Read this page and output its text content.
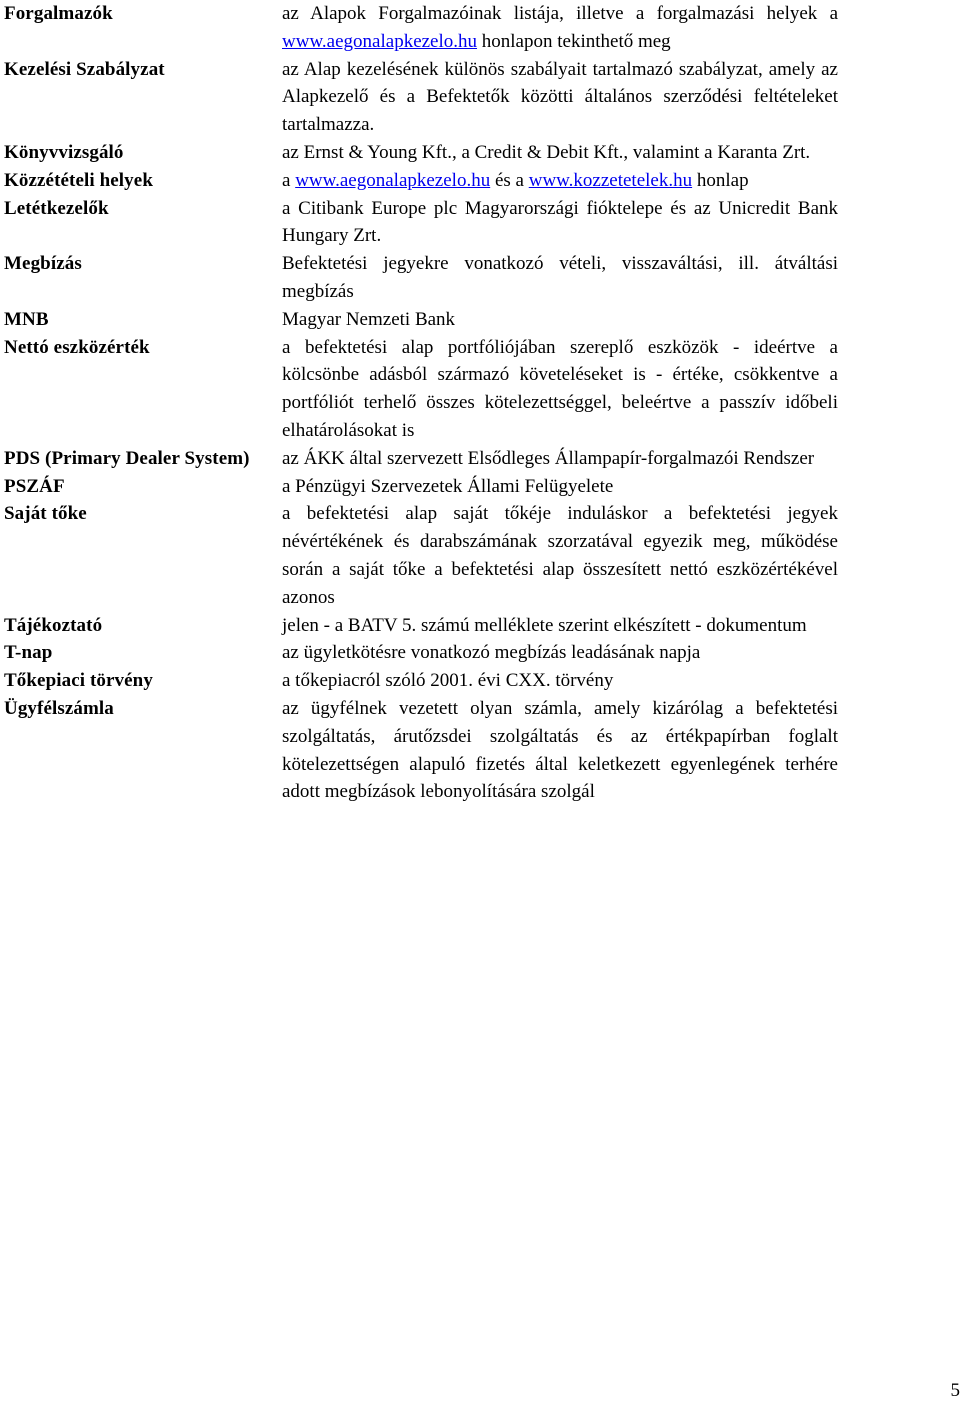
Forgalmazók	az Alapok Forgalmazóinak listája, illetve a forgalmazási helyek a www.aegonalapkezelo.hu honlapon tekinthető meg
Kezelési Szabályzat	az Alap kezelésének különös szabályait tartalmazó szabályzat, amely az Alapkezelő és a Befektetők közötti általános szerződési feltételeket tartalmazza.
Könyvvizsgáló	az Ernst & Young Kft., a Credit & Debit Kft., valamint a Karanta Zrt.
Közzétételi helyek	a www.aegonalapkezelo.hu és a www.kozzetetelek.hu honlap
Letétkezelők	a Citibank Europe plc Magyarországi fióktelepe és az Unicredit Bank Hungary Zrt.
Megbízás	Befektetési jegyekre vonatkozó vételi, visszaváltási, ill. átváltási megbízás
MNB	Magyar Nemzeti Bank
Nettó eszközérték	a befektetési alap portfóliójában szereplő eszközök - ideértve a kölcsönbe adásból származó követeléseket is - értéke, csökkentve a portfóliót terhelő összes kötelezettséggel, beleértve a passzív időbeli elhatárolásokat is
PDS (Primary Dealer System)	az ÁKK által szervezett Elsődleges Állampapír-forgalmazói Rendszer
PSZÁF	a Pénzügyi Szervezetek Állami Felügyelete
Saját tőke	a befektetési alap saját tőkéje induláskor a befektetési jegyek névértékének és darabszámának szorzatával egyezik meg, működése során a saját tőke a befektetési alap összesített nettó eszközértékével azonos
Tájékoztató	jelen - a BATV 5. számú melléklete szerint elkészített - dokumentum
T-nap	az ügyletkötésre vonatkozó megbízás leadásának napja
Tőkepiaci törvény	a tőkepiacról szóló 2001. évi CXX. törvény
Ügyfélszámla	az ügyfélnek vezetett olyan számla, amely kizárólag a befektetési szolgáltatás, árutőzsdei szolgáltatás és az értékpapírban foglalt kötelezettségen alapuló fizetés által keletkezett egyenlegének terhére adott megbízások lebonyolítására szolgál
5
